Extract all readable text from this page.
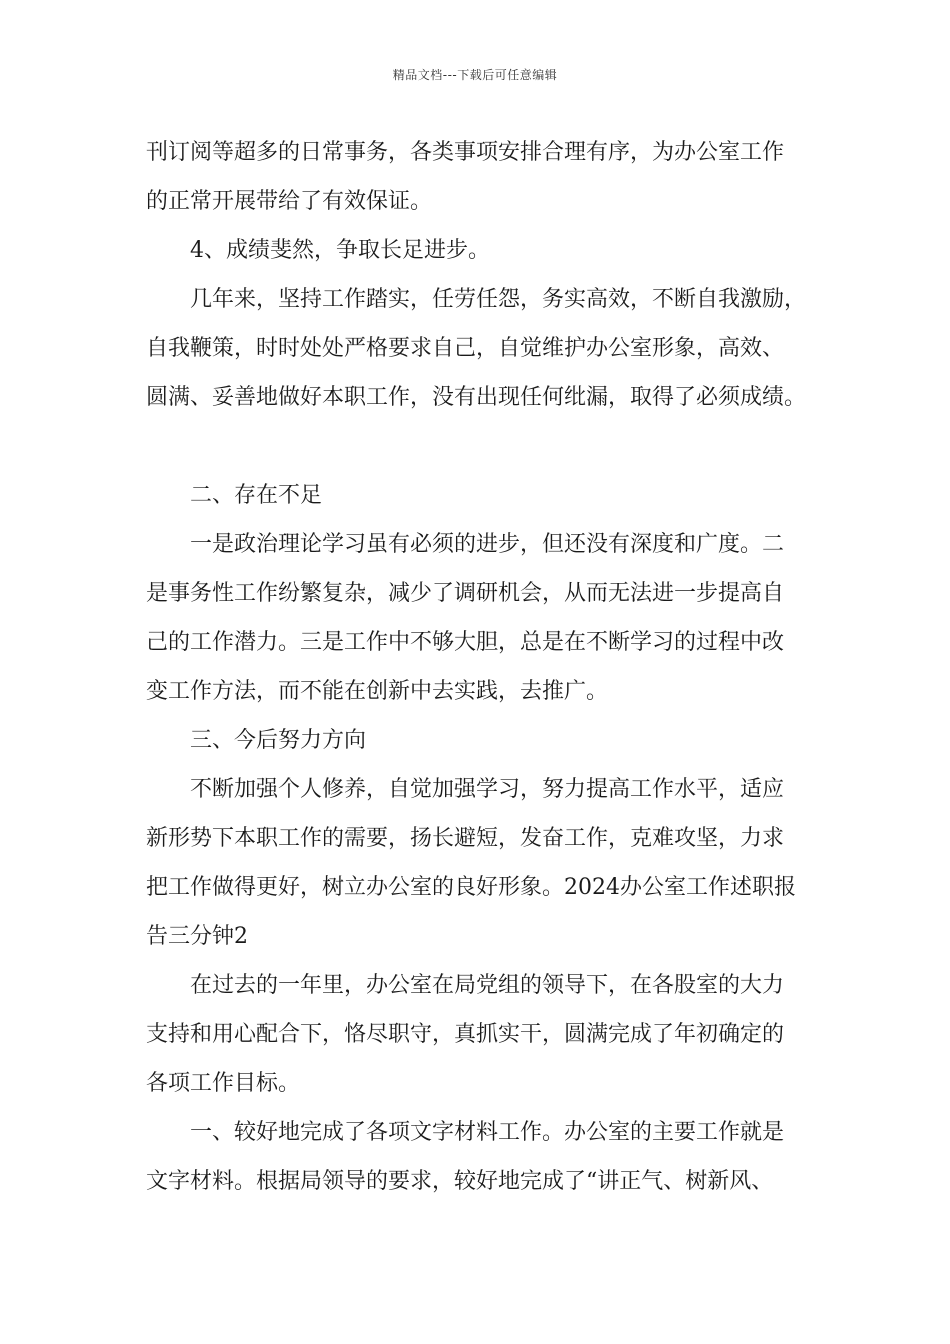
精品文档---下载后可任意编辑

刊订阅等超多的日常事务，各类事项安排合理有序，为办公室工作

的正常开展带给了有效保证。

4、成绩斐然，争取长足进步。

几年来，坚持工作踏实，任劳任怨，务实高效，不断自我激励，

自我鞭策，时时处处严格要求自己，自觉维护办公室形象，高效、

圆满、妥善地做好本职工作，没有出现任何纰漏，取得了必须成绩。

二、存在不足

一是政治理论学习虽有必须的进步，但还没有深度和广度。二

是事务性工作纷繁复杂，减少了调研机会，从而无法进一步提高自

己的工作潜力。三是工作中不够大胆，总是在不断学习的过程中改

变工作方法，而不能在创新中去实践，去推广。

三、今后努力方向

不断加强个人修养，自觉加强学习，努力提高工作水平，适应

新形势下本职工作的需要，扬长避短，发奋工作，克难攻坚，力求

把工作做得更好，树立办公室的良好形象。2024办公室工作述职报

告三分钟2

在过去的一年里，办公室在局党组的领导下，在各股室的大力

支持和用心配合下，恪尽职守，真抓实干，圆满完成了年初确定的

各项工作目标。

一、较好地完成了各项文字材料工作。办公室的主要工作就是

文字材料。根据局领导的要求，较好地完成了“讲正气、树新风、
